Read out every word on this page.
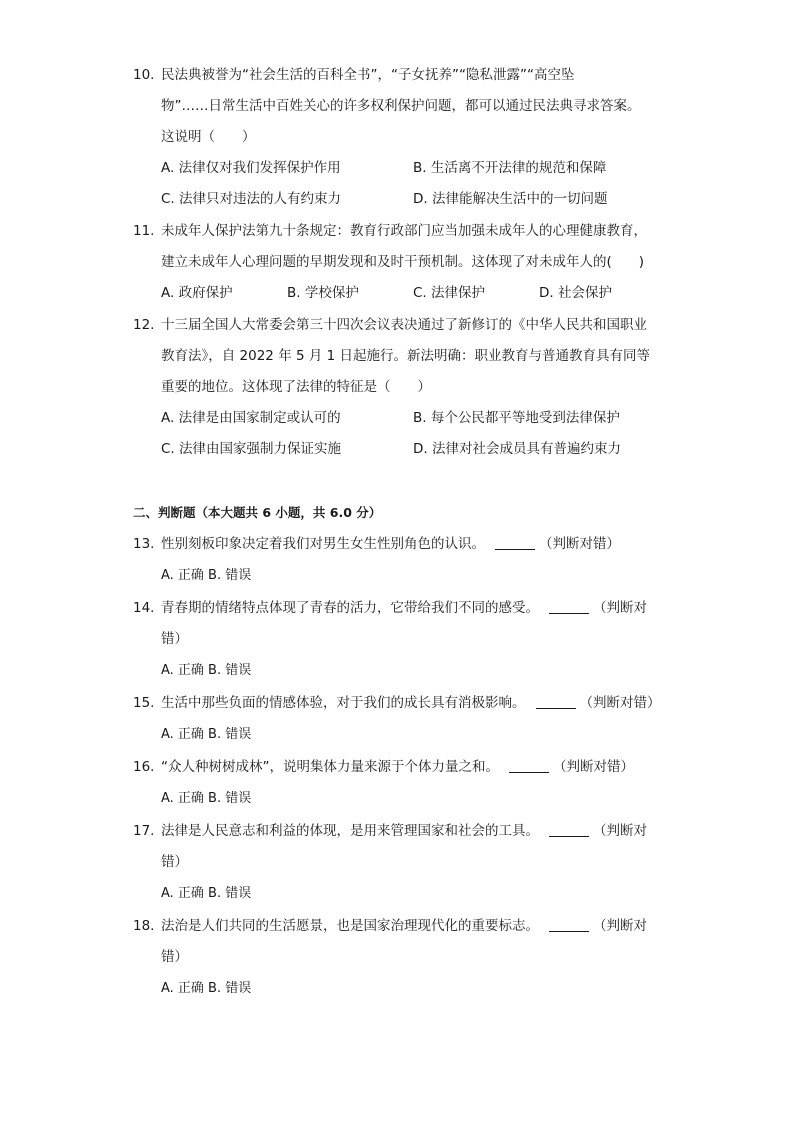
10. 民法典被誉为“社会生活的百科全书”，“子女抚养”“隐私泄露”“高空坠
物”……日常生活中百姓关心的许多权利保护问题，都可以通过民法典寻求答案。
这说明（　　）
A. 法律仅对我们发挥保护作用	B. 生活离不开法律的规范和保障
C. 法律只对违法的人有约束力	D. 法律能解决生活中的一切问题
11. 未成年人保护法第九十条规定：教育行政部门应当加强未成年人的心理健康教育，
建立未成年人心理问题的早期发现和及时干预机制。这体现了对未成年人的(　　)
A. 政府保护	B. 学校保护	C. 法律保护	D. 社会保护
12. 十三届全国人大常委会第三十四次会议表决通过了新修订的《中华人民共和国职业
教育法》，自 2022 年 5 月 1 日起施行。新法明确：职业教育与普通教育具有同等
重要的地位。这体现了法律的特征是（　　）
A. 法律是由国家制定或认可的	B. 每个公民都平等地受到法律保护
C. 法律由国家强制力保证实施	D. 法律对社会成员具有普遍约束力
二、判断题（本大题共 6 小题，共 6.0 分）
13. 性别刻板印象决定着我们对男生女生性别角色的认识。	（判断对错）
A. 正确 B. 错误
14. 青春期的情绪特点体现了青春的活力，它带给我们不同的感受。	（判断对
错）
A. 正确 B. 错误
15. 生活中那些负面的情感体验，对于我们的成长具有消极影响。	（判断对错）
A. 正确 B. 错误
16. “众人种树树成林”，说明集体力量来源于个体力量之和。	（判断对错）
A. 正确 B. 错误
17. 法律是人民意志和利益的体现，是用来管理国家和社会的工具。	（判断对
错）
A. 正确 B. 错误
18. 法治是人们共同的生活愿景，也是国家治理现代化的重要标志。	（判断对
错）
A. 正确 B. 错误
